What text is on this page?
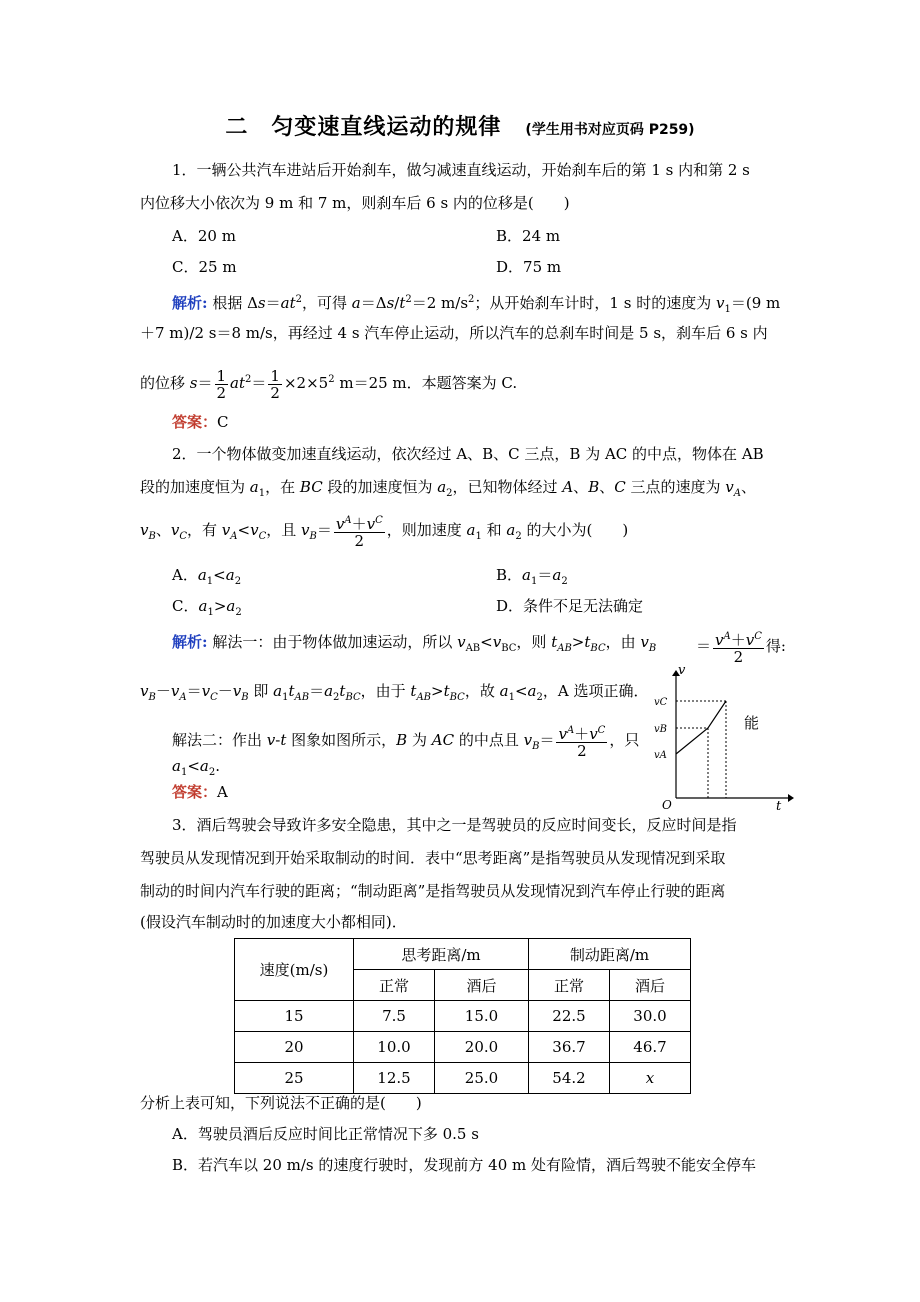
二　匀变速直线运动的规律 (学生用书对应页码 P259)
1．一辆公共汽车进站后开始刹车，做匀减速直线运动，开始刹车后的第 1 s 内和第 2 s
内位移大小依次为 9 m 和 7 m，则刹车后 6 s 内的位移是(　　)
A．20 m	B．24 m
C．25 m	D．75 m
解析: 根据 $\Delta s=at^2$，可得 $a=\Delta s/t^2=2$ $m/s^2$；从开始刹车计时，1 s 时的速度为 $v_1=(9$ m
＋7 m)/2 s＝8 m/s，再经过 4 s 汽车停止运动，所以汽车的总刹车时间是 5 s，刹车后 6 s 内
的位移 $s= \frac{1}{2} at^2= \frac{1}{2} \times 2\times 5^2$ m＝25 m．本题答案为 C.
答案：C
2．一个物体做变加速直线运动，依次经过 A、B、C 三点，B 为 AC 的中点，物体在 AB
段的加速度恒为 $a_1$，在 BC 段的加速度恒为 $a_2$，已知物体经过 A、B、C 三点的速度为 $v_A$、
$v_B$、$v_C$，有 $v_A<v_C$，且 $v_B= \frac{v^A+v^C}{2}$ ，则加速度 $a_1$ 和 $a_2$ 的大小为(　　)
A．$a_1<a_2$	B．$a_1=a_2$
C．$a_1>a_2$	D．条件不足无法确定
解析: 解法一：由于物体做加速运动，所以 $v_{AB}<v_{BC}$，则 $t_{AB}>t_{BC}$，由 $v_B$	＝ $\frac{v^A+v^C}{2}$ 得:
$v_B-v_A=v_C-v_B$ 即 $a_1t_{AB}=a_2t_{BC}$，由于 $t_{AB}>t_{BC}$，故 $a_1<a_2$，A 选项正确．
解法二：作出 v-t 图象如图所示，B 为 AC 的中点且 $v_B= \frac{v^A+v^C}{2}$ ，只
$a_1<a_2$.
答案：A
v
t
O
vC
vB
vA
能
3．酒后驾驶会导致许多安全隐患，其中之一是驾驶员的反应时间变长，反应时间是指
驾驶员从发现情况到开始采取制动的时间．表中“思考距离”是指驾驶员从发现情况到采取
制动的时间内汽车行驶的距离；“制动距离”是指驾驶员从发现情况到汽车停止行驶的距离
(假设汽车制动时的加速度大小都相同)．
速度(m/s)	思考距离/m		制动距离/m	
	正常	酒后	正常	酒后
15	7.5	15.0	22.5	30.0
20	10.0	20.0	36.7	46.7
25	12.5	25.0	54.2	x
分析上表可知，下列说法不正确的是(　　)
A．驾驶员酒后反应时间比正常情况下多 0.5 s
B．若汽车以 20 m/s 的速度行驶时，发现前方 40 m 处有险情，酒后驾驶不能安全停车
